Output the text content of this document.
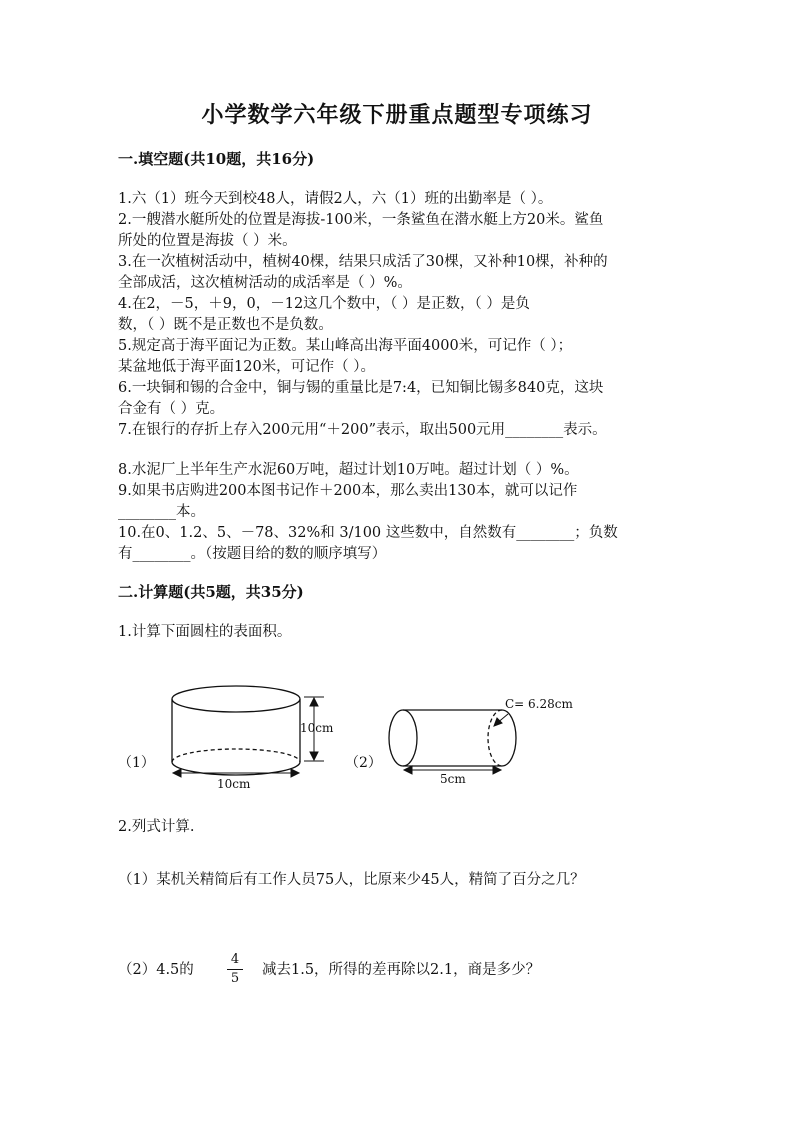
小学数学六年级下册重点题型专项练习
一.填空题(共10题，共16分)
1.六（1）班今天到校48人，请假2人，六（1）班的出勤率是（ ）。
2.一艘潜水艇所处的位置是海拔-100米，一条鲨鱼在潜水艇上方20米。鲨鱼
所处的位置是海拔（ ）米。
3.在一次植树活动中，植树40棵，结果只成活了30棵，又补种10棵，补种的
全部成活，这次植树活动的成活率是（ ）%。
4.在2，－5，＋9，0，－12这几个数中，（ ）是正数，（ ）是负
数，（ ）既不是正数也不是负数。
5.规定高于海平面记为正数。某山峰高出海平面4000米，可记作（ ）；
某盆地低于海平面120米，可记作（ ）。
6.一块铜和锡的合金中，铜与锡的重量比是7:4，已知铜比锡多840克，这块
合金有（ ）克。
7.在银行的存折上存入200元用“＋200”表示，取出500元用________表示。
8.水泥厂上半年生产水泥60万吨，超过计划10万吨。超过计划（ ）%。
9.如果书店购进200本图书记作＋200本，那么卖出130本，就可以记作
________本。
10.在0、1.2、5、－78、32%和 3/100 这些数中，自然数有________；负数
有________。（按题目给的数的顺序填写）
二.计算题(共5题，共35分)
1.计算下面圆柱的表面积。
10cm
10cm
C= 6.28cm
5cm
（1）	（2）
2.列式计算.
（1）某机关精简后有工作人员75人，比原来少45人，精简了百分之几？
（2）4.5的
4
5
减去1.5，所得的差再除以2.1，商是多少？
